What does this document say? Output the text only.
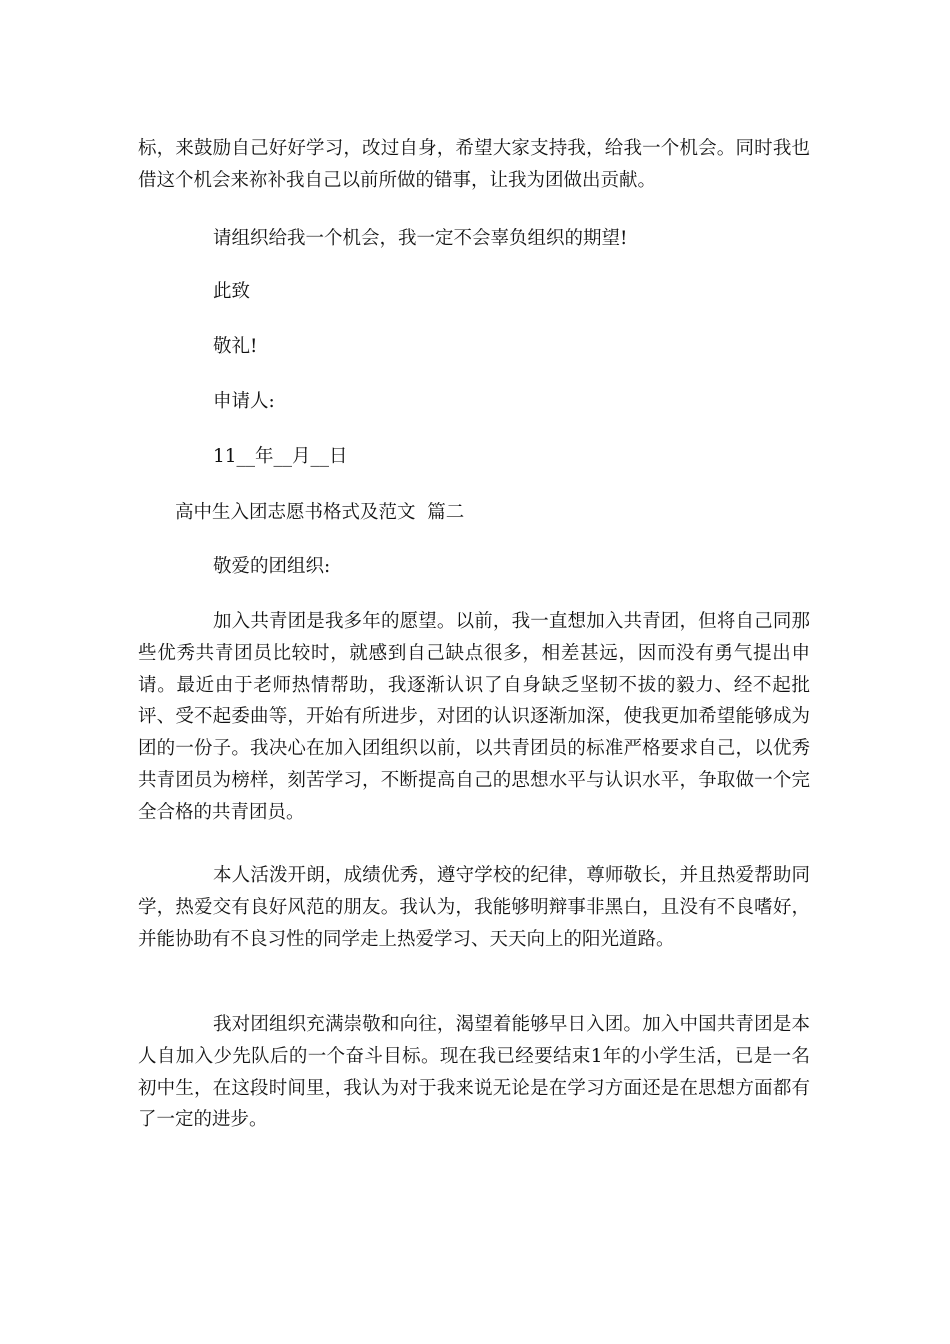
标，来鼓励自己好好学习，改过自身，希望大家支持我，给我一个机会。同时我也借这个机会来祢补我自己以前所做的错事，让我为团做出贡献。

请组织给我一个机会，我一定不会辜负组织的期望!

此致

敬礼!

申请人:

11__年__月__日

高中生入团志愿书格式及范文  篇二

敬爱的团组织:

加入共青团是我多年的愿望。以前，我一直想加入共青团，但将自己同那些优秀共青团员比较时，就感到自己缺点很多，相差甚远，因而没有勇气提出申请。最近由于老师热情帮助，我逐渐认识了自身缺乏坚韧不拔的毅力、经不起批评、受不起委曲等，开始有所进步，对团的认识逐渐加深，使我更加希望能够成为团的一份子。我决心在加入团组织以前，以共青团员的标准严格要求自己，以优秀共青团员为榜样，刻苦学习，不断提高自己的思想水平与认识水平，争取做一个完全合格的共青团员。

本人活泼开朗，成绩优秀，遵守学校的纪律，尊师敬长，并且热爱帮助同学，热爱交有良好风范的朋友。我认为，我能够明辩事非黑白，且没有不良嗜好，并能协助有不良习性的同学走上热爱学习、天天向上的阳光道路。

我对团组织充满崇敬和向往，渴望着能够早日入团。加入中国共青团是本人自加入少先队后的一个奋斗目标。现在我已经要结束1年的小学生活，已是一名初中生，在这段时间里，我认为对于我来说无论是在学习方面还是在思想方面都有了一定的进步。
